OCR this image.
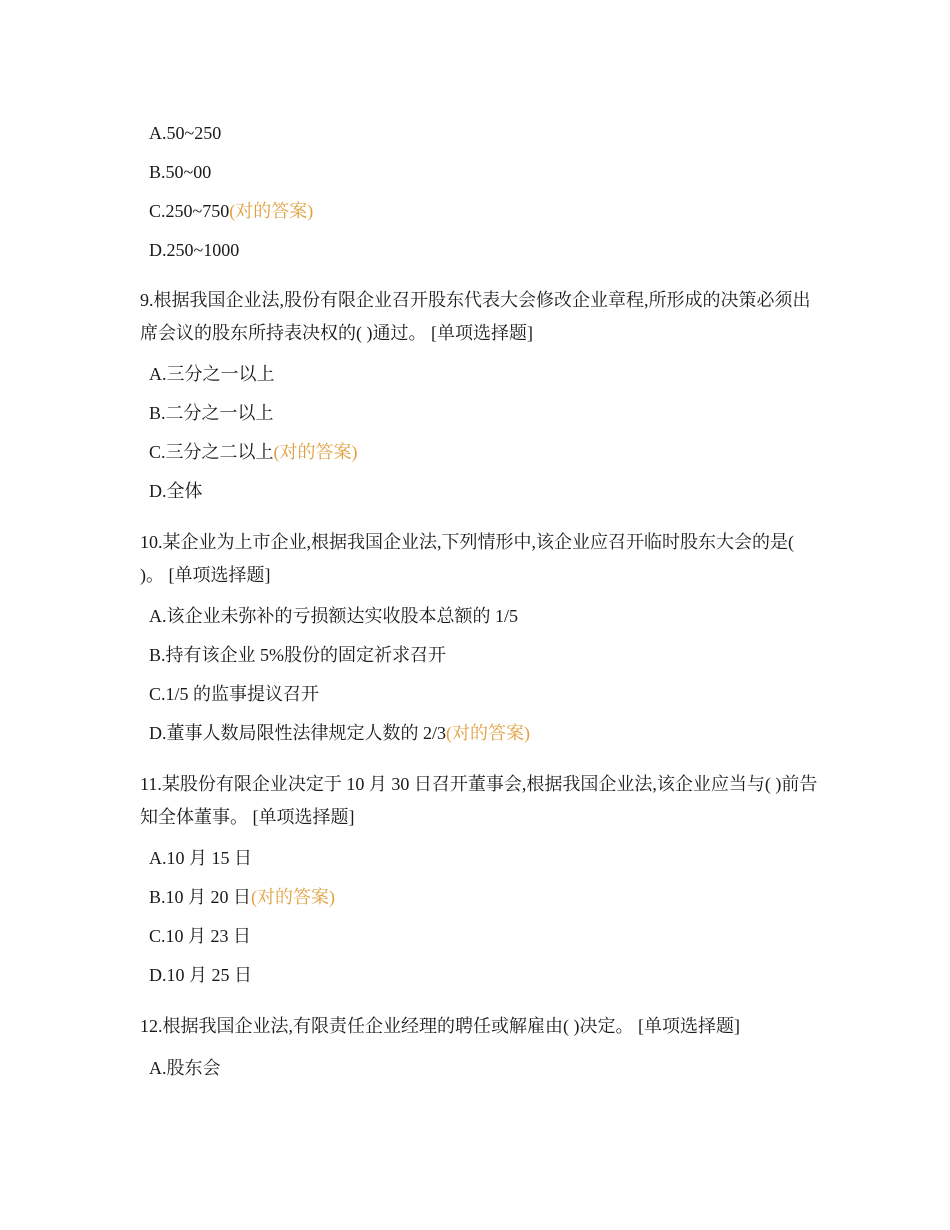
A.50~250

B.50~00

C.250~750(对的答案)

D.250~1000

9.根据我国企业法,股份有限企业召开股东代表大会修改企业章程,所形成的决策必须出席会议的股东所持表决权的( )通过。 [单项选择题]

A.三分之一以上

B.二分之一以上

C.三分之二以上(对的答案)

D.全体

10.某企业为上市企业,根据我国企业法,下列情形中,该企业应召开临时股东大会的是( )。 [单项选择题]

A.该企业未弥补的亏损额达实收股本总额的 1/5

B.持有该企业 5%股份的固定祈求召开

C.1/5 的监事提议召开

D.董事人数局限性法律规定人数的 2/3(对的答案)

11.某股份有限企业决定于 10 月 30 日召开董事会,根据我国企业法,该企业应当与( )前告知全体董事。 [单项选择题]

A.10 月 15 日

B.10 月 20 日(对的答案)

C.10 月 23 日

D.10 月 25 日

12.根据我国企业法,有限责任企业经理的聘任或解雇由( )决定。 [单项选择题]

A.股东会
